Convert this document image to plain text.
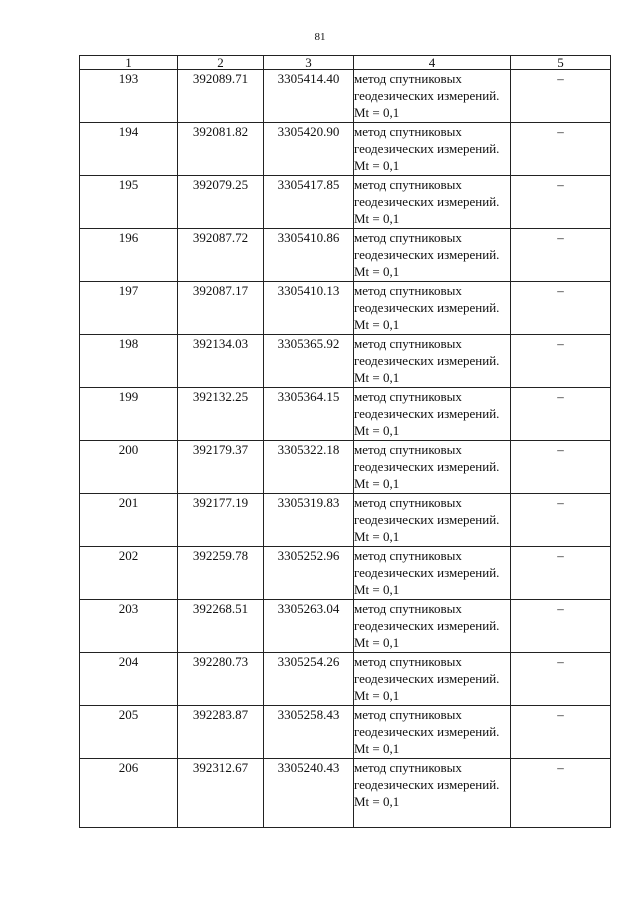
81
1	2	3	4	5
193	392089.71	3305414.40	метод спутниковых геодезических измерений. Mt = 0,1	–
194	392081.82	3305420.90	метод спутниковых геодезических измерений. Mt = 0,1	–
195	392079.25	3305417.85	метод спутниковых геодезических измерений. Mt = 0,1	–
196	392087.72	3305410.86	метод спутниковых геодезических измерений. Mt = 0,1	–
197	392087.17	3305410.13	метод спутниковых геодезических измерений. Mt = 0,1	–
198	392134.03	3305365.92	метод спутниковых геодезических измерений. Mt = 0,1	–
199	392132.25	3305364.15	метод спутниковых геодезических измерений. Mt = 0,1	–
200	392179.37	3305322.18	метод спутниковых геодезических измерений. Mt = 0,1	–
201	392177.19	3305319.83	метод спутниковых геодезических измерений. Mt = 0,1	–
202	392259.78	3305252.96	метод спутниковых геодезических измерений. Mt = 0,1	–
203	392268.51	3305263.04	метод спутниковых геодезических измерений. Mt = 0,1	–
204	392280.73	3305254.26	метод спутниковых геодезических измерений. Mt = 0,1	–
205	392283.87	3305258.43	метод спутниковых геодезических измерений. Mt = 0,1	–
206	392312.67	3305240.43	метод спутниковых геодезических измерений. Mt = 0,1	–
